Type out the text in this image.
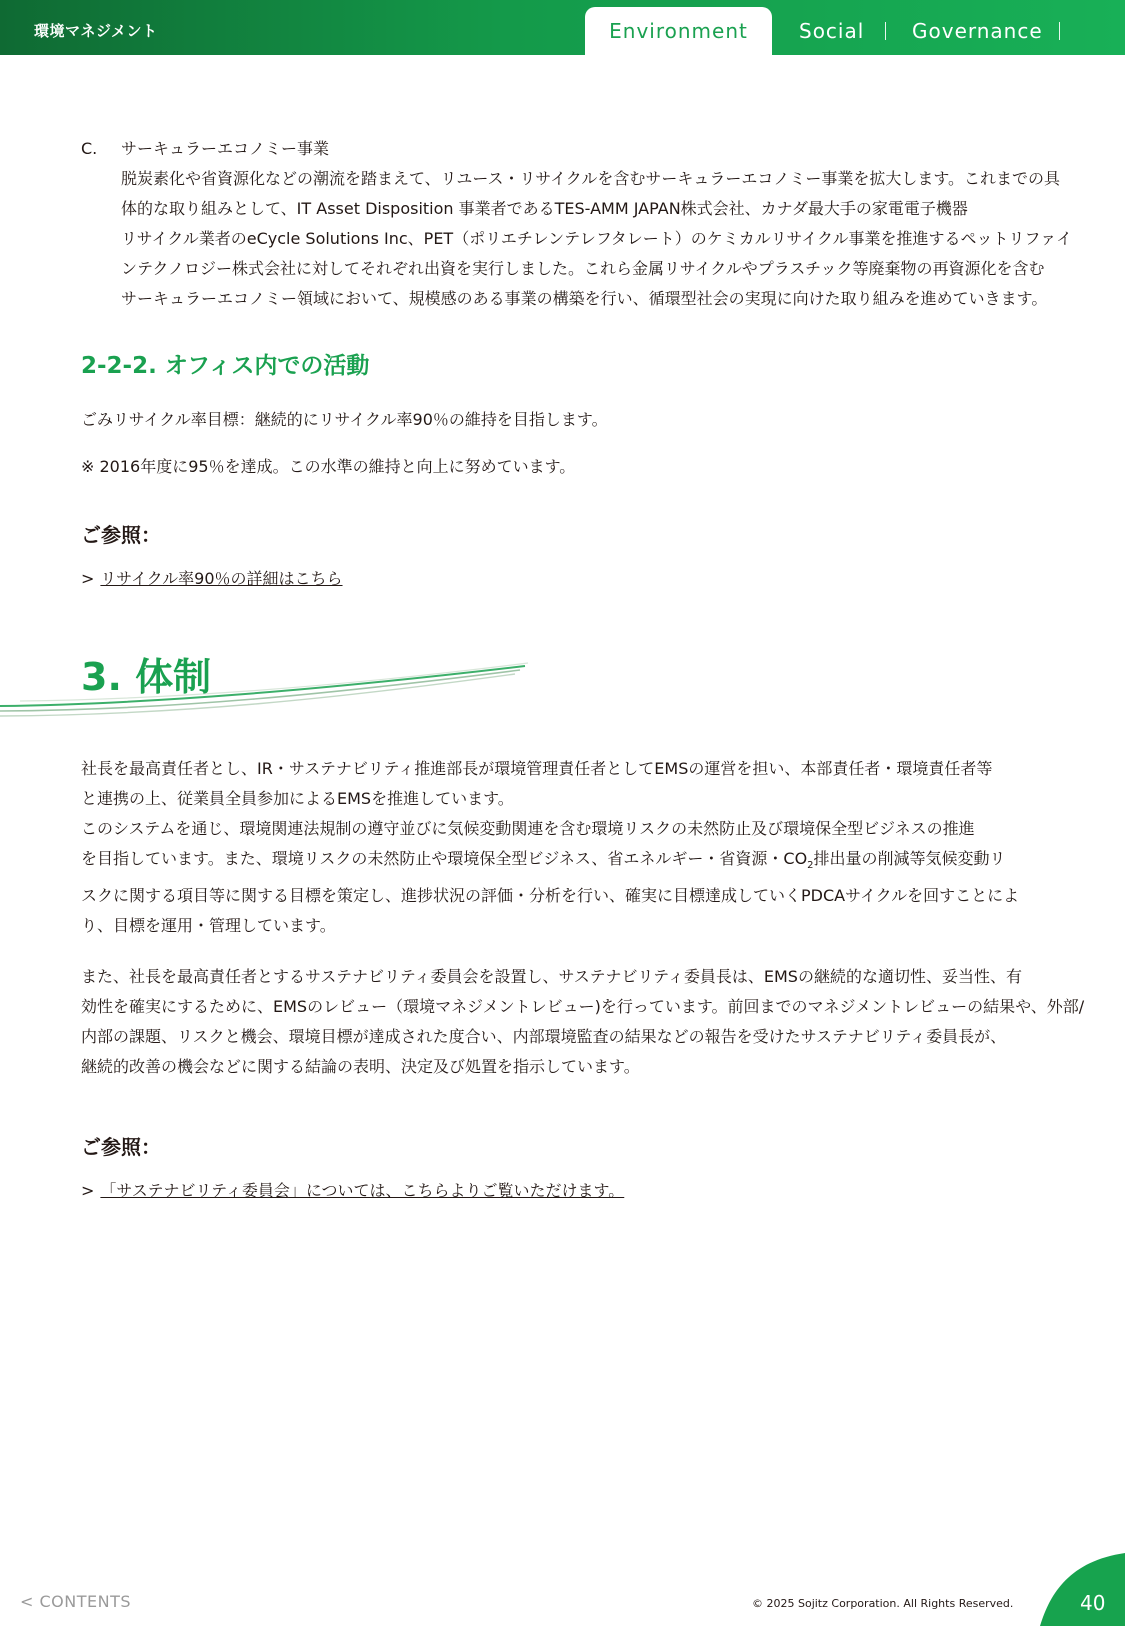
環境マネジメント	Environment	Social Governance
C. サーキュラーエコノミー事業
脱炭素化や省資源化などの潮流を踏まえて、リユース・リサイクルを含むサーキュラーエコノミー事業を拡大します。これまでの具
体的な取り組みとして、IT Asset Disposition 事業者であるTES-AMM JAPAN株式会社、カナダ最大手の家電電子機器
リサイクル業者のeCycle Solutions Inc、PET（ポリエチレンテレフタレート）のケミカルリサイクル事業を推進するペットリファイ
ンテクノロジー株式会社に対してそれぞれ出資を実行しました。これら金属リサイクルやプラスチック等廃棄物の再資源化を含む
サーキュラーエコノミー領域において、規模感のある事業の構築を行い、循環型社会の実現に向けた取り組みを進めていきます。
2-2-2. オフィス内での活動
ごみリサイクル率目標：継続的にリサイクル率90％の維持を目指します。
※ 2016年度に95％を達成。この水準の維持と向上に努めています。
ご参照：
> リサイクル率90％の詳細はこちら
3. 体制
社長を最高責任者とし、IR・サステナビリティ推進部長が環境管理責任者としてEMSの運営を担い、本部責任者・環境責任者等
と連携の上、従業員全員参加によるEMSを推進しています。
このシステムを通じ、環境関連法規制の遵守並びに気候変動関連を含む環境リスクの未然防止及び環境保全型ビジネスの推進
を目指しています。また、環境リスクの未然防止や環境保全型ビジネス、省エネルギー・省資源・$CO_2$排出量の削減等気候変動リ
スクに関する項目等に関する目標を策定し、進捗状況の評価・分析を行い、確実に目標達成していくPDCAサイクルを回すことによ
り、目標を運用・管理しています。
また、社長を最高責任者とするサステナビリティ委員会を設置し、サステナビリティ委員長は、EMSの継続的な適切性、妥当性、有
効性を確実にするために、EMSのレビュー（環境マネジメントレビュー)を行っています。前回までのマネジメントレビューの結果や、外部/
内部の課題、リスクと機会、環境目標が達成された度合い、内部環境監査の結果などの報告を受けたサステナビリティ委員長が、
継続的改善の機会などに関する結論の表明、決定及び処置を指示しています。
ご参照：
> 「サステナビリティ委員会」については、こちらよりご覧いただけます。
< CONTENTS	© 2025 Sojitz Corporation. All Rights Reserved.	40
